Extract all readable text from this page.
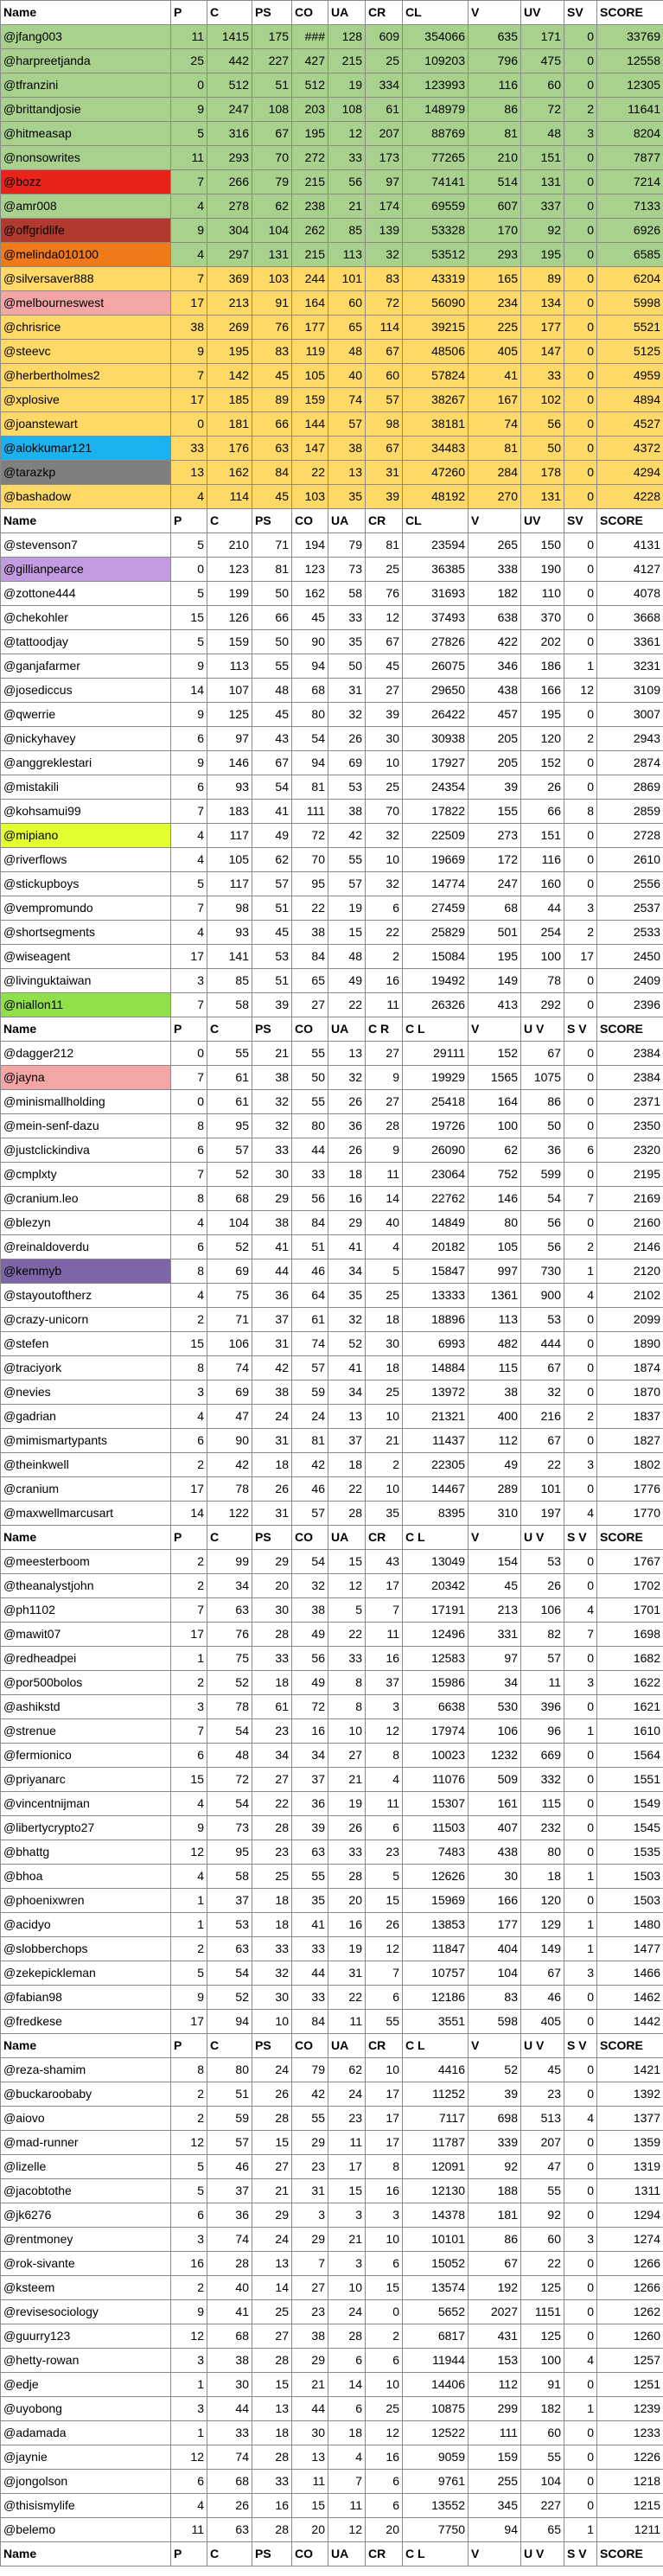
Name	P	C	PS	CO	UA	CR	CL	V	UV	SV	SCORE
@jfang003	11	1415	175	###	128	609	354066	635	171	0	33769
@harpreetjanda	25	442	227	427	215	25	109203	796	475	0	12558
@tfranzini	0	512	51	512	19	334	123993	116	60	0	12305
@brittandjosie	9	247	108	203	108	61	148979	86	72	2	11641
@hitmeasap	5	316	67	195	12	207	88769	81	48	3	8204
@nonsowrites	11	293	70	272	33	173	77265	210	151	0	7877
@bozz	7	266	79	215	56	97	74141	514	131	0	7214
@amr008	4	278	62	238	21	174	69559	607	337	0	7133
@offgridlife	9	304	104	262	85	139	53328	170	92	0	6926
@melinda010100	4	297	131	215	113	32	53512	293	195	0	6585
@silversaver888	7	369	103	244	101	83	43319	165	89	0	6204
@melbourneswest	17	213	91	164	60	72	56090	234	134	0	5998
@chrisrice	38	269	76	177	65	114	39215	225	177	0	5521
@steevc	9	195	83	119	48	67	48506	405	147	0	5125
@herbertholmes2	7	142	45	105	40	60	57824	41	33	0	4959
@xplosive	17	185	89	159	74	57	38267	167	102	0	4894
@joanstewart	0	181	66	144	57	98	38181	74	56	0	4527
@alokkumar121	33	176	63	147	38	67	34483	81	50	0	4372
@tarazkp	13	162	84	22	13	31	47260	284	178	0	4294
@bashadow	4	114	45	103	35	39	48192	270	131	0	4228
Name	P	C	PS	CO	UA	CR	CL	V	UV	SV	SCORE
@stevenson7	5	210	71	194	79	81	23594	265	150	0	4131
@gillianpearce	0	123	81	123	73	25	36385	338	190	0	4127
@zottone444	5	199	50	162	58	76	31693	182	110	0	4078
@chekohler	15	126	66	45	33	12	37493	638	370	0	3668
@tattoodjay	5	159	50	90	35	67	27826	422	202	0	3361
@ganjafarmer	9	113	55	94	50	45	26075	346	186	1	3231
@josediccus	14	107	48	68	31	27	29650	438	166	12	3109
@qwerrie	9	125	45	80	32	39	26422	457	195	0	3007
@nickyhavey	6	97	43	54	26	30	30938	205	120	2	2943
@anggreklestari	9	146	67	94	69	10	17927	205	152	0	2874
@mistakili	6	93	54	81	53	25	24354	39	26	0	2869
@kohsamui99	7	183	41	111	38	70	17822	155	66	8	2859
@mipiano	4	117	49	72	42	32	22509	273	151	0	2728
@riverflows	4	105	62	70	55	10	19669	172	116	0	2610
@stickupboys	5	117	57	95	57	32	14774	247	160	0	2556
@vempromundo	7	98	51	22	19	6	27459	68	44	3	2537
@shortsegments	4	93	45	38	15	22	25829	501	254	2	2533
@wiseagent	17	141	53	84	48	2	15084	195	100	17	2450
@livinguktaiwan	3	85	51	65	49	16	19492	149	78	0	2409
@niallon11	7	58	39	27	22	11	26326	413	292	0	2396
Name	P	C	PS	CO	UA	C R	C L	V	U V	S V	SCORE
@dagger212	0	55	21	55	13	27	29111	152	67	0	2384
@jayna	7	61	38	50	32	9	19929	1565	1075	0	2384
@minismallholding	0	61	32	55	26	27	25418	164	86	0	2371
@mein-senf-dazu	8	95	32	80	36	28	19726	100	50	0	2350
@justclickindiva	6	57	33	44	26	9	26090	62	36	6	2320
@cmplxty	7	52	30	33	18	11	23064	752	599	0	2195
@cranium.leo	8	68	29	56	16	14	22762	146	54	7	2169
@blezyn	4	104	38	84	29	40	14849	80	56	0	2160
@reinaldoverdu	6	52	41	51	41	4	20182	105	56	2	2146
@kemmyb	8	69	44	46	34	5	15847	997	730	1	2120
@stayoutoftherz	4	75	36	64	35	25	13333	1361	900	4	2102
@crazy-unicorn	2	71	37	61	32	18	18896	113	53	0	2099
@stefen	15	106	31	74	52	30	6993	482	444	0	1890
@traciyork	8	74	42	57	41	18	14884	115	67	0	1874
@nevies	3	69	38	59	34	25	13972	38	32	0	1870
@gadrian	4	47	24	24	13	10	21321	400	216	2	1837
@mimismartypants	6	90	31	81	37	21	11437	112	67	0	1827
@theinkwell	2	42	18	42	18	2	22305	49	22	3	1802
@cranium	17	78	26	46	22	10	14467	289	101	0	1776
@maxwellmarcusart	14	122	31	57	28	35	8395	310	197	4	1770
Name	P	C	PS	CO	UA	CR	C L	V	U V	S V	SCORE
@meesterboom	2	99	29	54	15	43	13049	154	53	0	1767
@theanalystjohn	2	34	20	32	12	17	20342	45	26	0	1702
@ph1102	7	63	30	38	5	7	17191	213	106	4	1701
@mawit07	17	76	28	49	22	11	12496	331	82	7	1698
@redheadpei	1	75	33	56	33	16	12583	97	57	0	1682
@por500bolos	2	52	18	49	8	37	15986	34	11	3	1622
@ashikstd	3	78	61	72	8	3	6638	530	396	0	1621
@strenue	7	54	23	16	10	12	17974	106	96	1	1610
@fermionico	6	48	34	34	27	8	10023	1232	669	0	1564
@priyanarc	15	72	27	37	21	4	11076	509	332	0	1551
@vincentnijman	4	54	22	36	19	11	15307	161	115	0	1549
@libertycrypto27	9	73	28	39	26	6	11503	407	232	0	1545
@bhattg	12	95	23	63	33	23	7483	438	80	0	1535
@bhoa	4	58	25	55	28	5	12626	30	18	1	1503
@phoenixwren	1	37	18	35	20	15	15969	166	120	0	1503
@acidyo	1	53	18	41	16	26	13853	177	129	1	1480
@slobberchops	2	63	33	33	19	12	11847	404	149	1	1477
@zekepickleman	5	54	32	44	31	7	10757	104	67	3	1466
@fabian98	9	52	30	33	22	6	12186	83	46	0	1462
@fredkese	17	94	10	84	11	55	3551	598	405	0	1442
Name	P	C	PS	CO	UA	CR	C L	V	U V	S V	SCORE
@reza-shamim	8	80	24	79	62	10	4416	52	45	0	1421
@buckaroobaby	2	51	26	42	24	17	11252	39	23	0	1392
@aiovo	2	59	28	55	23	17	7117	698	513	4	1377
@mad-runner	12	57	15	29	11	17	11787	339	207	0	1359
@lizelle	5	46	27	23	17	8	12091	92	47	0	1319
@jacobtothe	5	37	21	31	15	16	12130	188	55	0	1311
@jk6276	6	36	29	3	3	3	14378	181	92	0	1294
@rentmoney	3	74	24	29	21	10	10101	86	60	3	1274
@rok-sivante	16	28	13	7	3	6	15052	67	22	0	1266
@ksteem	2	40	14	27	10	15	13574	192	125	0	1266
@revisesociology	9	41	25	23	24	0	5652	2027	1151	0	1262
@guurry123	12	68	27	38	28	2	6817	431	125	0	1260
@hetty-rowan	3	38	28	29	6	6	11944	153	100	4	1257
@edje	1	30	15	21	14	10	14406	112	91	0	1251
@uyobong	3	44	13	44	6	25	10875	299	182	1	1239
@adamada	1	33	18	30	18	12	12522	111	60	0	1233
@jaynie	12	74	28	13	4	16	9059	159	55	0	1226
@jongolson	6	68	33	11	7	6	9761	255	104	0	1218
@thisismylife	4	26	16	15	11	6	13552	345	227	0	1215
@belemo	11	63	28	20	12	20	7750	94	65	1	1211
Name	P	C	PS	CO	UA	CR	C L	V	U V	S V	SCORE
